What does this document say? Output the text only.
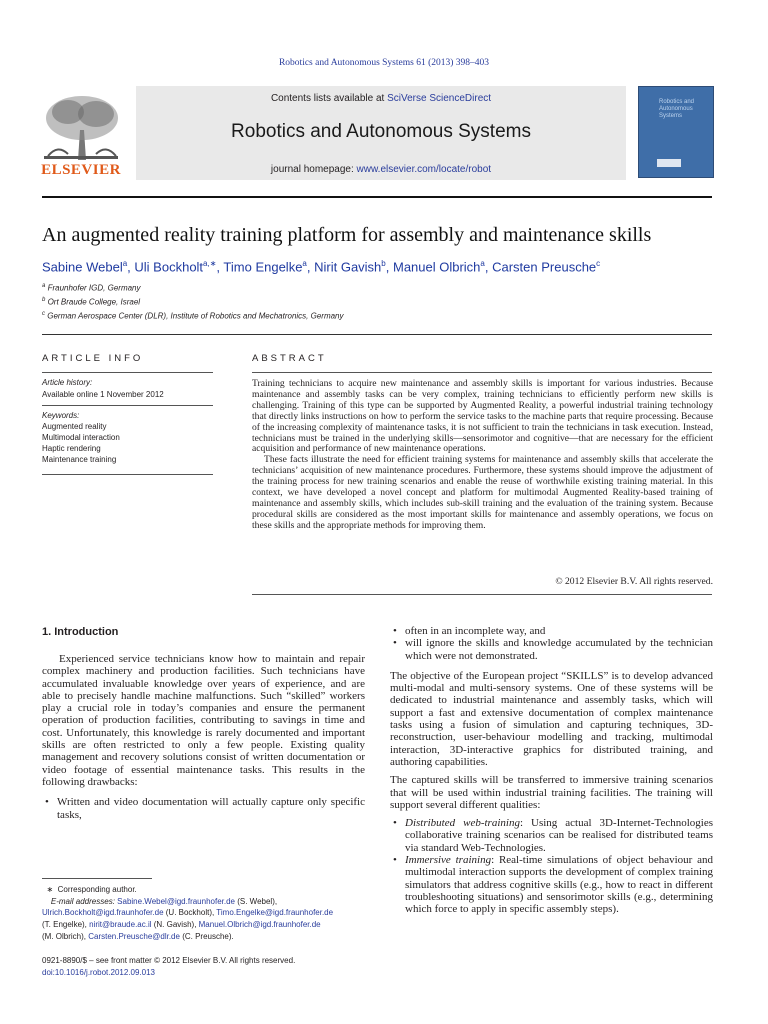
Robotics and Autonomous Systems 61 (2013) 398–403
Contents lists available at SciVerse ScienceDirect
Robotics and Autonomous Systems
journal homepage: www.elsevier.com/locate/robot
ELSEVIER
Robotics and Autonomous Systems
An augmented reality training platform for assembly and maintenance skills
Sabine Webel$^a$, Uli Bockholt$^{a,∗}$, Timo Engelke$^a$, Nirit Gavish$^b$, Manuel Olbrich$^a$, Carsten Preusche$^c$
$^a$ Fraunhofer IGD, Germany
$^b$ Ort Braude College, Israel
$^c$ German Aerospace Center (DLR), Institute of Robotics and Mechatronics, Germany
ARTICLE INFO
Article history:
Available online 1 November 2012
Keywords:
Augmented reality
Multimodal interaction
Haptic rendering
Maintenance training
ABSTRACT

Training technicians to acquire new maintenance and assembly skills is important for various industries. Because maintenance and assembly tasks can be very complex, training technicians to efficiently perform new skills is challenging. Training of this type can be supported by Augmented Reality, a powerful industrial training technology that directly links instructions on how to perform the service tasks to the machine parts that require processing. Because of the increasing complexity of maintenance tasks, it is not sufficient to train the technicians in task execution. Instead, technicians must be trained in the underlying skills—sensorimotor and cognitive—that are necessary for the efficient acquisition and performance of new maintenance operations.

These facts illustrate the need for efficient training systems for maintenance and assembly skills that accelerate the technicians’ acquisition of new maintenance procedures. Furthermore, these systems should improve the adjustment of the training process for new training scenarios and enable the reuse of worthwhile existing training material. In this context, we have developed a novel concept and platform for multimodal Augmented Reality-based training of maintenance and assembly skills, which includes sub-skill training and the evaluation of the training system. Because procedural skills are considered as the most important skills for maintenance and assembly operations, we focus on these skills and the appropriate methods for improving them.

© 2012 Elsevier B.V. All rights reserved.
1. Introduction

Experienced service technicians know how to maintain and repair complex machinery and production facilities. Such technicians have accumulated invaluable knowledge over years of experience, and are able to precisely handle machine malfunctions. Such “skilled” workers play a crucial role in today’s companies and ensure the permanent operation of production facilities, contributing to savings in time and cost. Unfortunately, this knowledge is rarely documented and important skills are often restricted to only a few people. Existing quality management and recovery solutions consist of written documentation or video footage of essential maintenance tasks. This results in the following drawbacks:

• Written and video documentation will actually capture only specific tasks,
• often in an incomplete way, and
• will ignore the skills and knowledge accumulated by the technician which were not demonstrated.

The objective of the European project “SKILLS” is to develop advanced multi-modal and multi-sensory systems. One of these systems will be dedicated to industrial maintenance and assembly tasks, which will support a fast and extensive documentation of complex maintenance tasks using a fusion of simulation and capturing techniques, 3D-reconstruction, user-behaviour modelling and tracking, multimodal interaction, 3D-interactive graphics for distributed training, and authoring capabilities.

The captured skills will be transferred to immersive training scenarios that will be used within industrial training facilities. The training will support several different qualities:

• Distributed web-training: Using actual 3D-Internet-Technologies collaborative training scenarios can be realised for distributed teams via standard Web-Technologies.
• Immersive training: Real-time simulations of object behaviour and multimodal interaction supports the development of complex training simulators that address cognitive skills (e.g., how to react in different troubleshooting situations) and sensorimotor skills (e.g., determining which force to apply in specific assembly steps).

∗ Corresponding author.

E-mail addresses: Sabine.Webel@igd.fraunhofer.de (S. Webel),
Ulrich.Bockholt@igd.fraunhofer.de (U. Bockholt), Timo.Engelke@igd.fraunhofer.de
(T. Engelke), nirit@braude.ac.il (N. Gavish), Manuel.Olbrich@igd.fraunhofer.de
(M. Olbrich), Carsten.Preusche@dlr.de (C. Preusche).

0921-8890/$ – see front matter © 2012 Elsevier B.V. All rights reserved.

doi:10.1016/j.robot.2012.09.013
